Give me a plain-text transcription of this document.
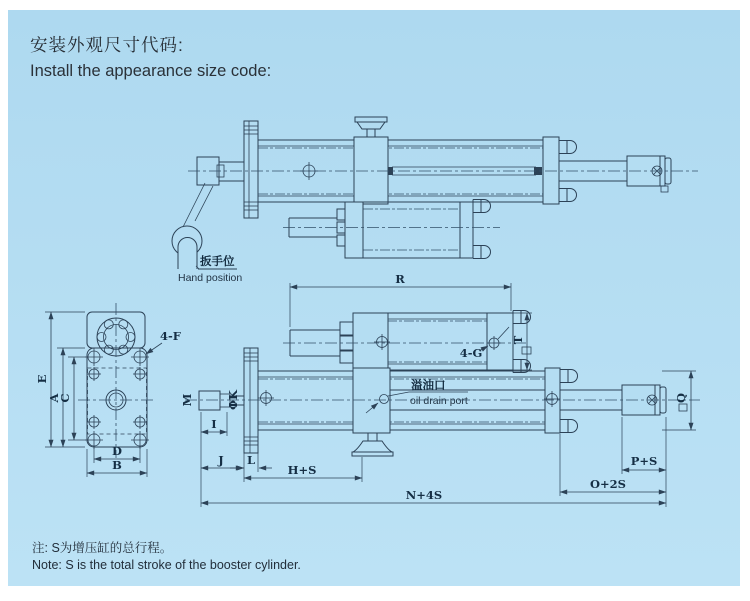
安装外观尺寸代码:
Install the appearance size code:
扳手位
Hand position
E
A
C
D
B
4-F
4-G
T
R
M	ΦK
溢油口
oil drain port	Q
I
J L
H+S
P+S
O+2S
N+4S
注: S为增压缸的总行程。
Note: S is the total stroke of the booster cylinder.
